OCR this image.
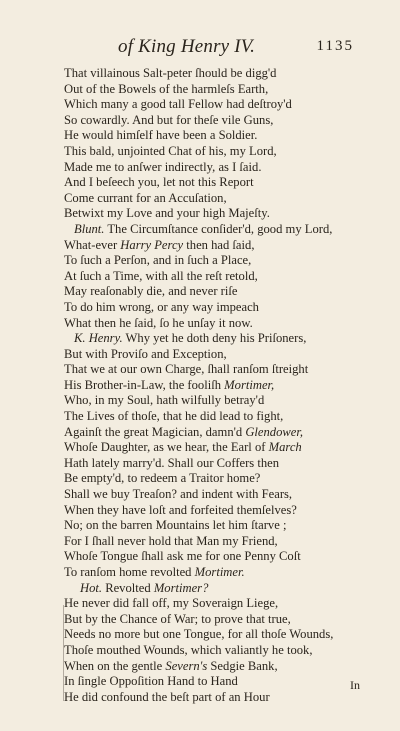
of King Henry IV.	1135
That villainous Salt-peter ſhould be digg'd
Out of the Bowels of the harmleſs Earth,
Which many a good tall Fellow had deſtroy'd
So cowardly. And but for theſe vile Guns,
He would himſelf have been a Soldier.
This bald, unjointed Chat of his, my Lord,
Made me to anſwer indirectly, as I ſaid.
And I beſeech you, let not this Report
Come currant for an Accuſation,
Betwixt my Love and your high Majeſty.
Blunt. The Circumſtance conſider'd, good my Lord,
What-ever Harry Percy then had ſaid,
To ſuch a Perſon, and in ſuch a Place,
At ſuch a Time, with all the reſt retold,
May reaſonably die, and never riſe
To do him wrong, or any way impeach
What then he ſaid, ſo he unſay it now.
K. Henry. Why yet he doth deny his Priſoners,
But with Proviſo and Exception,
That we at our own Charge, ſhall ranſom ſtreight
His Brother-in-Law, the fooliſh Mortimer,
Who, in my Soul, hath wilfully betray'd
The Lives of thoſe, that he did lead to fight,
Againſt the great Magician, damn'd Glendower,
Whoſe Daughter, as we hear, the Earl of March
Hath lately marry'd. Shall our Coffers then
Be empty'd, to redeem a Traitor home?
Shall we buy Treaſon? and indent with Fears,
When they have loſt and forfeited themſelves?
No; on the barren Mountains let him ſtarve ;
For I ſhall never hold that Man my Friend,
Whoſe Tongue ſhall ask me for one Penny Coſt
To ranſom home revolted Mortimer.
Hot. Revolted Mortimer?
He never did fall off, my Soveraign Liege,
But by the Chance of War; to prove that true,
Needs no more but one Tongue, for all thoſe Wounds,
Thoſe mouthed Wounds, which valiantly he took,
When on the gentle Severn's Sedgie Bank,
In ſingle Oppoſition Hand to Hand
He did confound the beſt part of an Hour
In
